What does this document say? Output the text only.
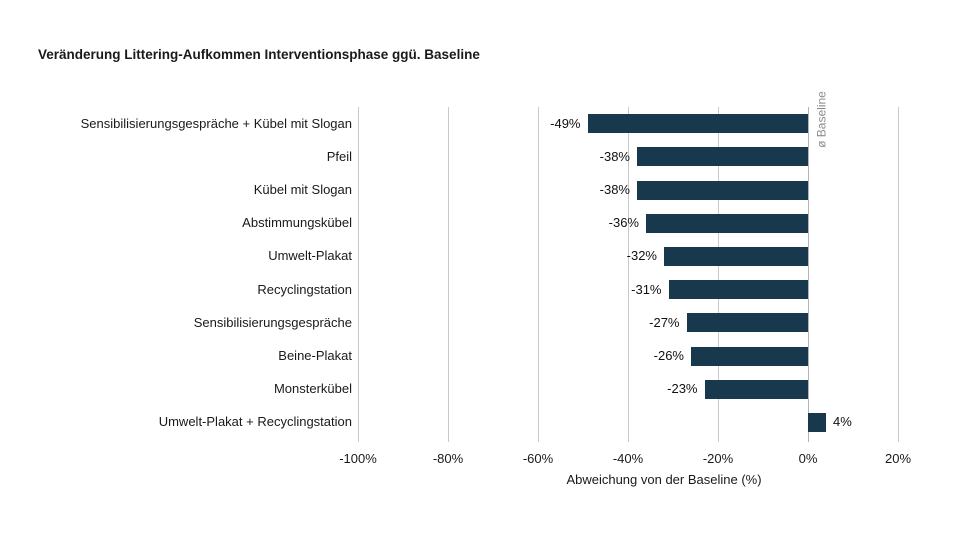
Veränderung Littering-Aufkommen Interventionsphase ggü. Baseline
-100%	-80%	-60%	-40%	-20%	0%	20%
Sensibilisierungsgespräche + Kübel mit Slogan	-49%
Pfeil	-38%
Kübel mit Slogan	-38%
Abstimmungskübel	-36%
Umwelt-Plakat	-32%
Recyclingstation	-31%
Sensibilisierungsgespräche	-27%
Beine-Plakat	-26%
Monsterkübel	-23%
Umwelt-Plakat + Recyclingstation	4%
ø Baseline
Abweichung von der Baseline (%)
